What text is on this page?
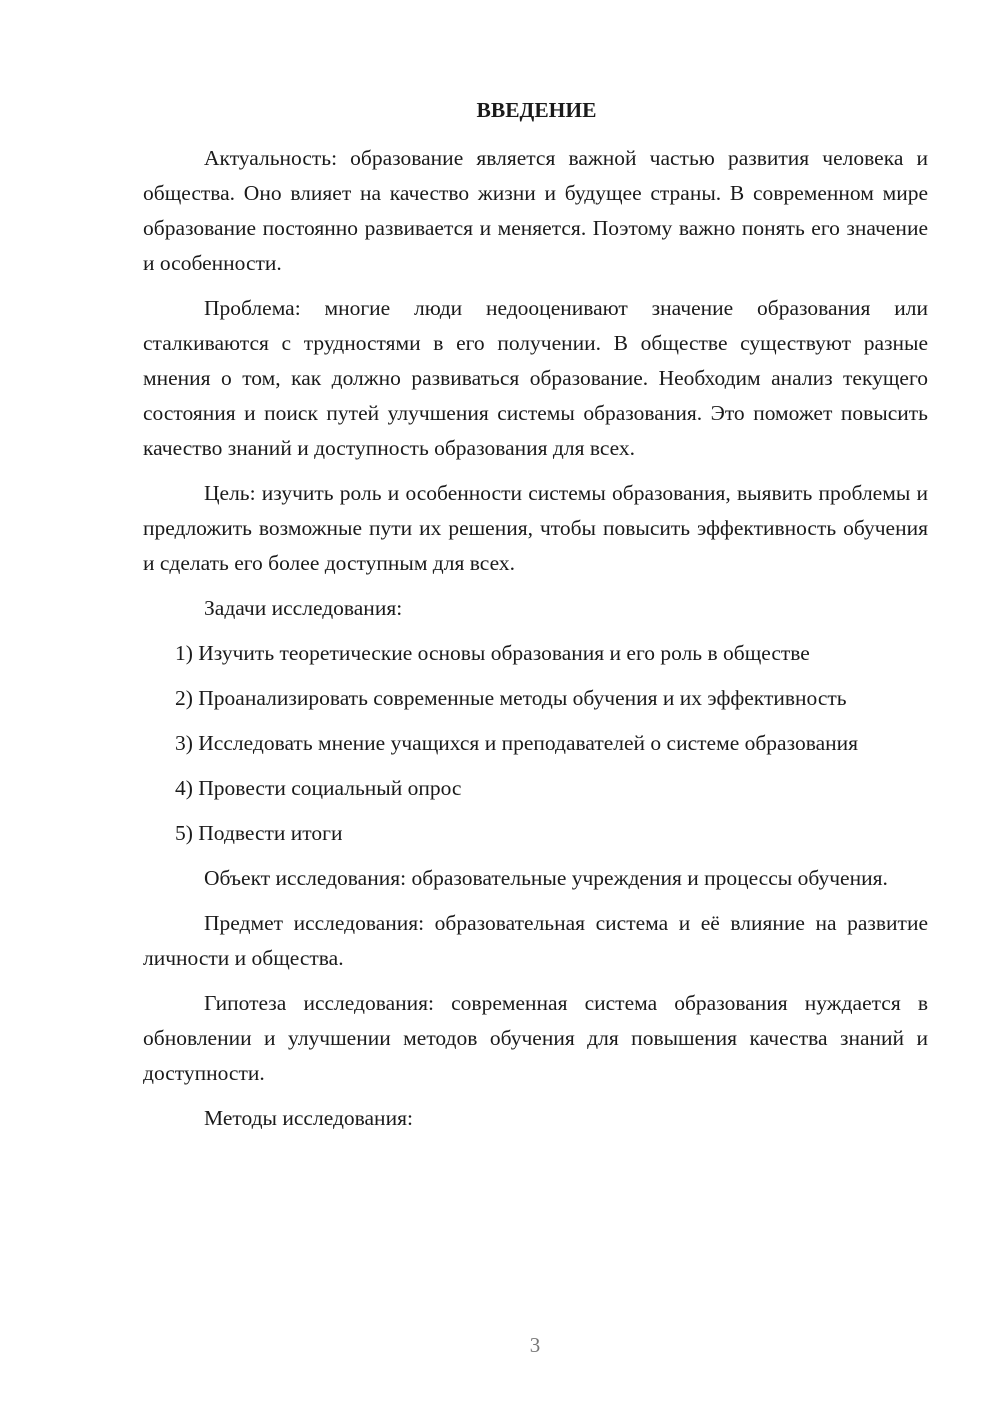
ВВЕДЕНИЕ

Актуальность: образование является важной частью развития человека и общества. Оно влияет на качество жизни и будущее страны. В современном мире образование постоянно развивается и меняется. Поэтому важно понять его значение и особенности.

Проблема: многие люди недооценивают значение образования или сталкиваются с трудностями в его получении. В обществе существуют разные мнения о том, как должно развиваться образование. Необходим анализ текущего состояния и поиск путей улучшения системы образования. Это поможет повысить качество знаний и доступность образования для всех.

Цель: изучить роль и особенности системы образования, выявить проблемы и предложить возможные пути их решения, чтобы повысить эффективность обучения и сделать его более доступным для всех.

Задачи исследования:

1) Изучить теоретические основы образования и его роль в обществе

2) Проанализировать современные методы обучения и их эффективность

3) Исследовать мнение учащихся и преподавателей о системе образования

4) Провести социальный опрос

5) Подвести итоги

Объект исследования: образовательные учреждения и процессы обучения.

Предмет исследования: образовательная система и её влияние на развитие личности и общества.

Гипотеза исследования: современная система образования нуждается в обновлении и улучшении методов обучения для повышения качества знаний и доступности.

Методы исследования:

3
